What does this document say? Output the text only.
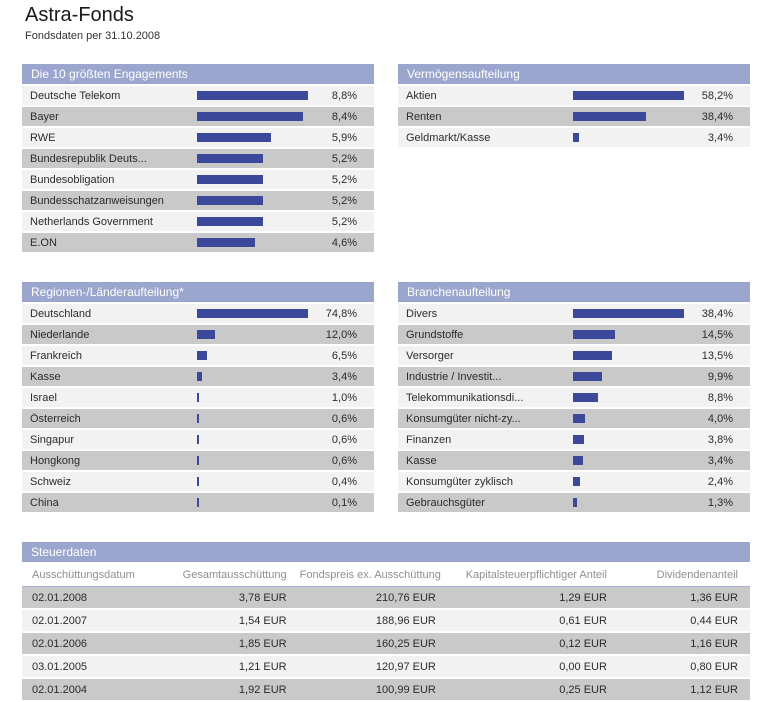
Astra-Fonds
Fondsdaten per 31.10.2008
Die 10 größten Engagements
Deutsche Telekom	8,8%
Bayer	8,4%
RWE	5,9%
Bundesrepublik Deuts...	5,2%
Bundesobligation	5,2%
Bundesschatzanweisungen	5,2%
Netherlands Government	5,2%
E.ON	4,6%
Vermögensaufteilung
Aktien	58,2%
Renten	38,4%
Geldmarkt/Kasse	3,4%
Regionen-/Länderaufteilung*
Deutschland	74,8%
Niederlande	12,0%
Frankreich	6,5%
Kasse	3,4%
Israel	1,0%
Österreich	0,6%
Singapur	0,6%
Hongkong	0,6%
Schweiz	0,4%
China	0,1%
Branchenaufteilung
Divers	38,4%
Grundstoffe	14,5%
Versorger	13,5%
Industrie / Investit...	9,9%
Telekommunikationsdi...	8,8%
Konsumgüter nicht-zy...	4,0%
Finanzen	3,8%
Kasse	3,4%
Konsumgüter zyklisch	2,4%
Gebrauchsgüter	1,3%
Steuerdaten
Ausschüttungsdatum	Gesamtausschüttung	Fondspreis ex. Ausschüttung	Kapitalsteuerpflichtiger Anteil	Dividendenanteil
02.01.2008	3,78 EUR	210,76 EUR	1,29 EUR	1,36 EUR
02.01.2007	1,54 EUR	188,96 EUR	0,61 EUR	0,44 EUR
02.01.2006	1,85 EUR	160,25 EUR	0,12 EUR	1,16 EUR
03.01.2005	1,21 EUR	120,97 EUR	0,00 EUR	0,80 EUR
02.01.2004	1,92 EUR	100,99 EUR	0,25 EUR	1,12 EUR
